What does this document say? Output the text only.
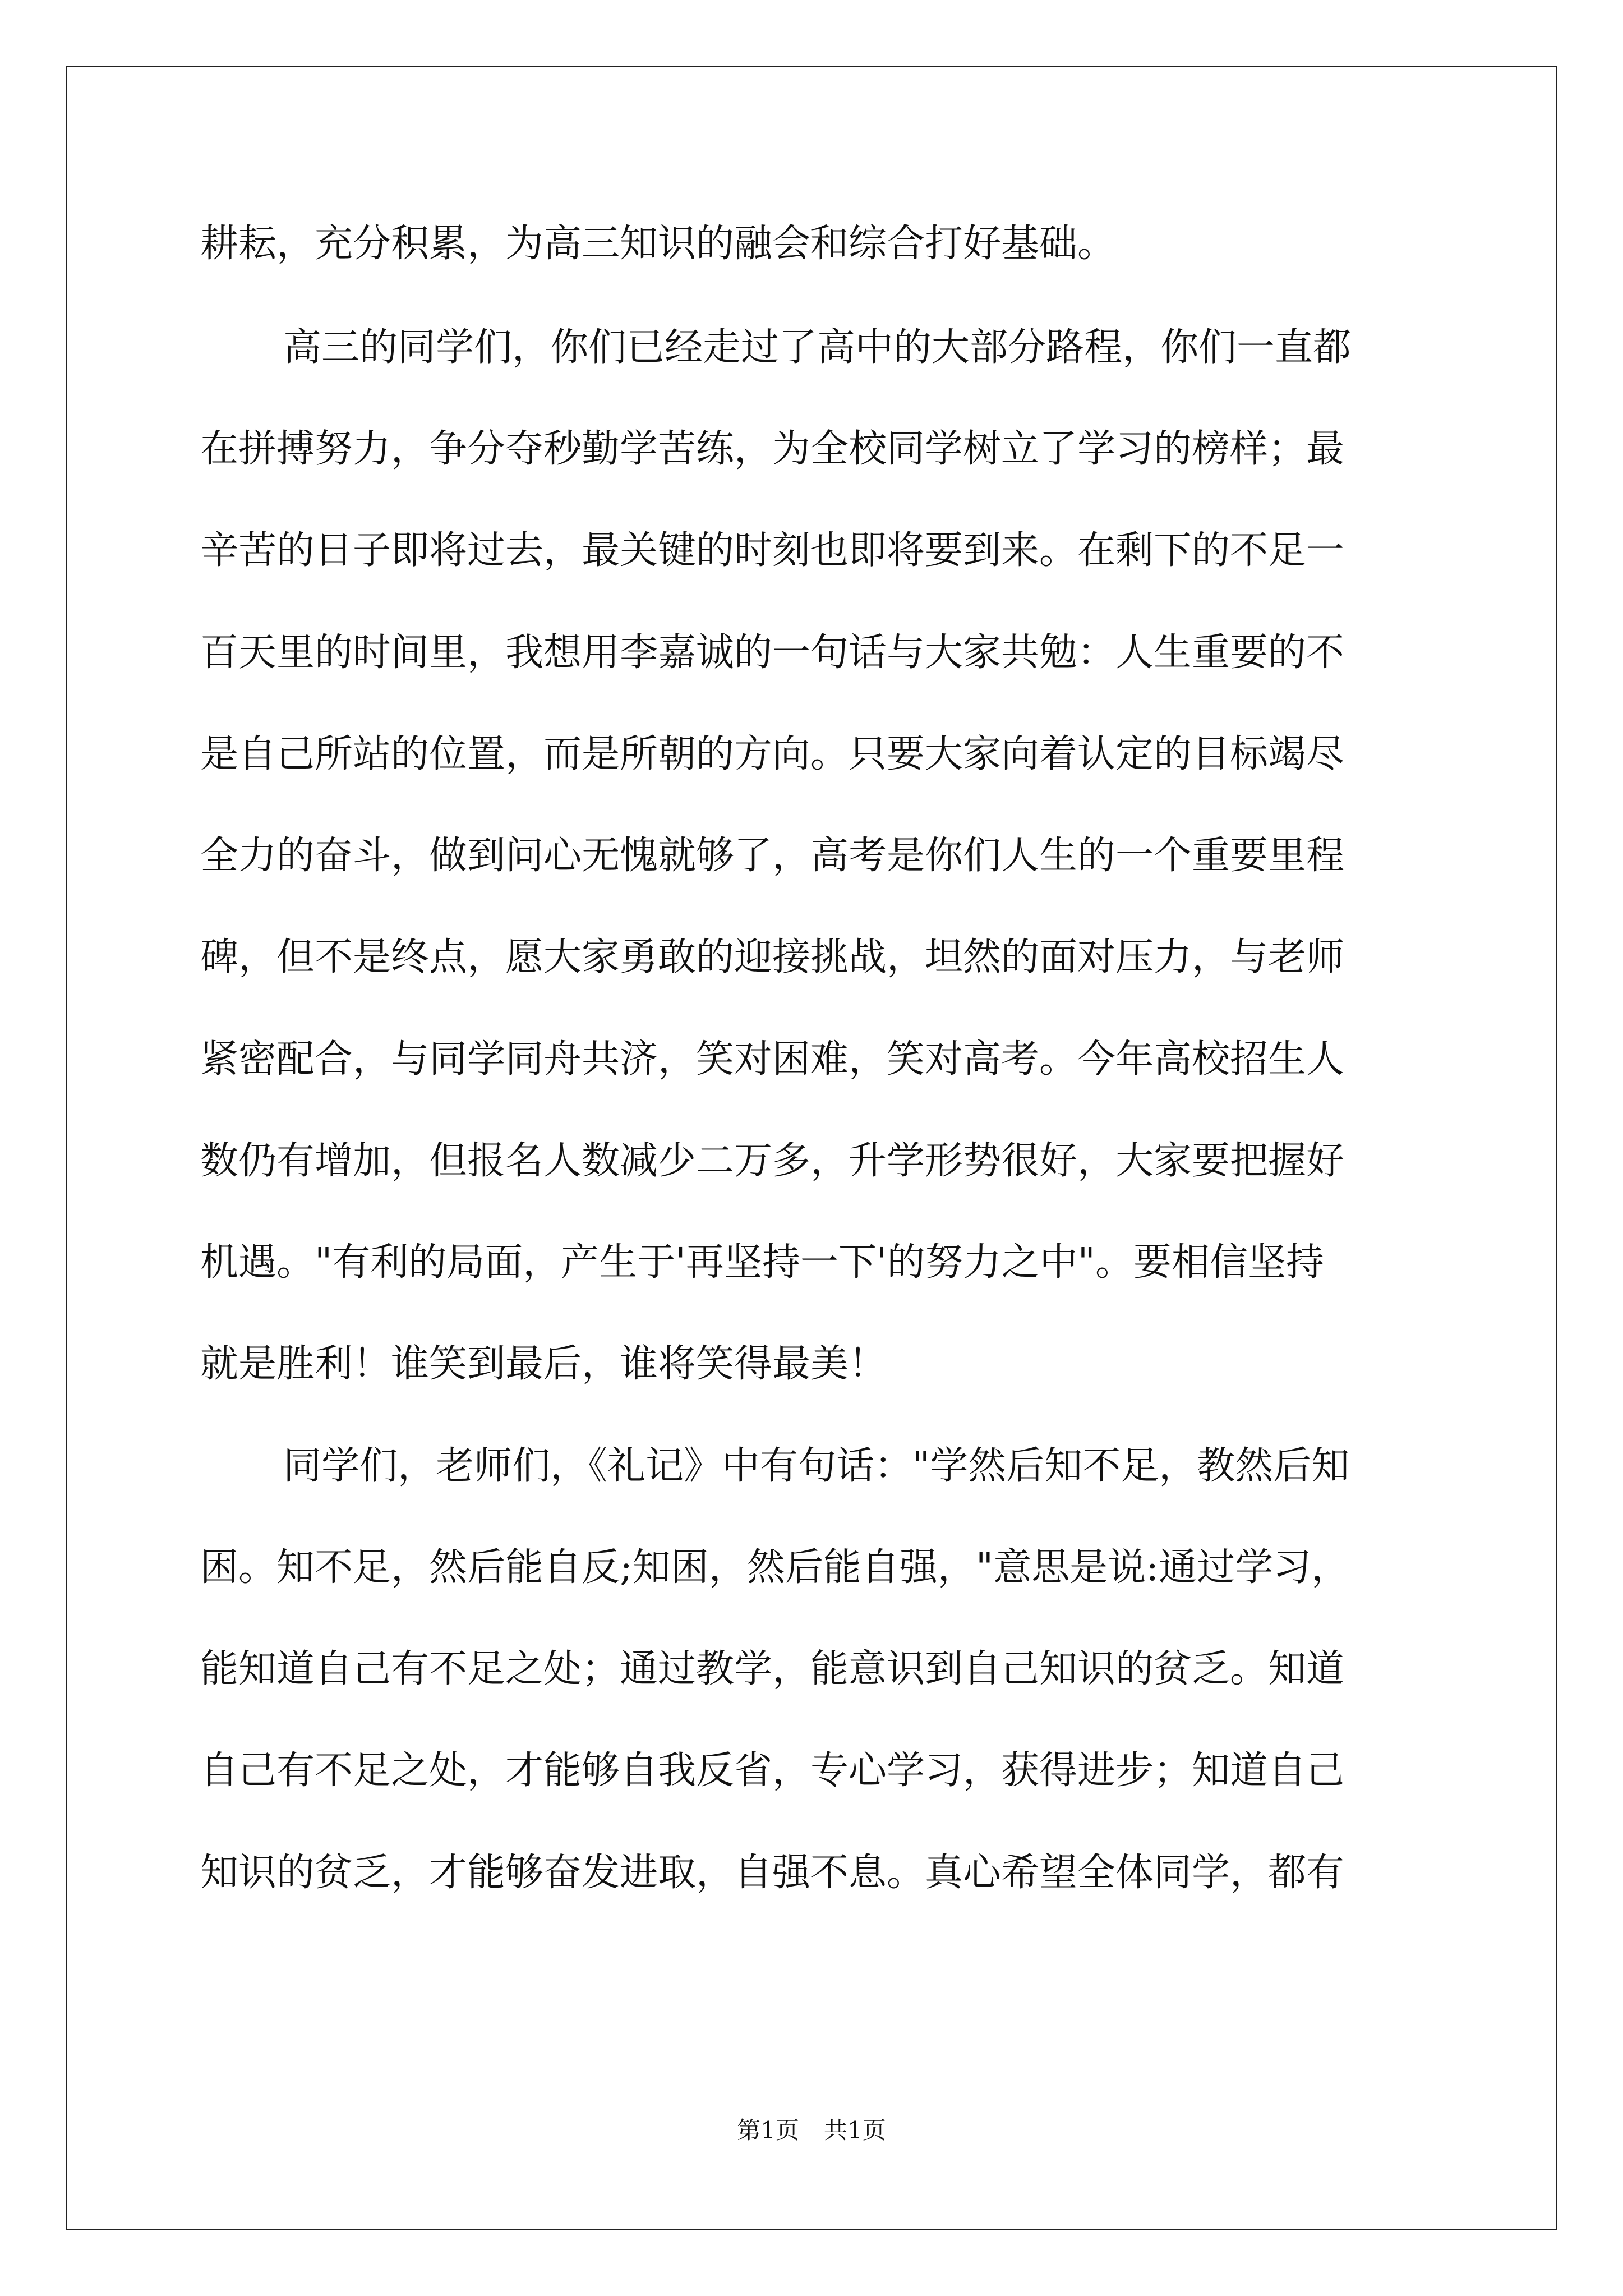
耕耘，充分积累，为高三知识的融会和综合打好基础。
高三的同学们，你们已经走过了高中的大部分路程，你们一直都
在拼搏努力，争分夺秒勤学苦练，为全校同学树立了学习的榜样；最
辛苦的日子即将过去，最关键的时刻也即将要到来。在剩下的不足一
百天里的时间里，我想用李嘉诚的一句话与大家共勉：人生重要的不
是自己所站的位置，而是所朝的方向。只要大家向着认定的目标竭尽
全力的奋斗，做到问心无愧就够了，高考是你们人生的一个重要里程
碑，但不是终点，愿大家勇敢的迎接挑战，坦然的面对压力，与老师
紧密配合，与同学同舟共济，笑对困难，笑对高考。今年高校招生人
数仍有增加，但报名人数减少二万多，升学形势很好，大家要把握好
机遇。"有利的局面，产生于'再坚持一下'的努力之中"。要相信坚持
就是胜利！谁笑到最后，谁将笑得最美！
同学们，老师们，《礼记》中有句话："学然后知不足，教然后知
困。知不足，然后能自反;知困，然后能自强，"意思是说:通过学习，
能知道自己有不足之处；通过教学，能意识到自己知识的贫乏。知道
自己有不足之处，才能够自我反省，专心学习，获得进步；知道自己
知识的贫乏，才能够奋发进取，自强不息。真心希望全体同学，都有
第1页 共1页
